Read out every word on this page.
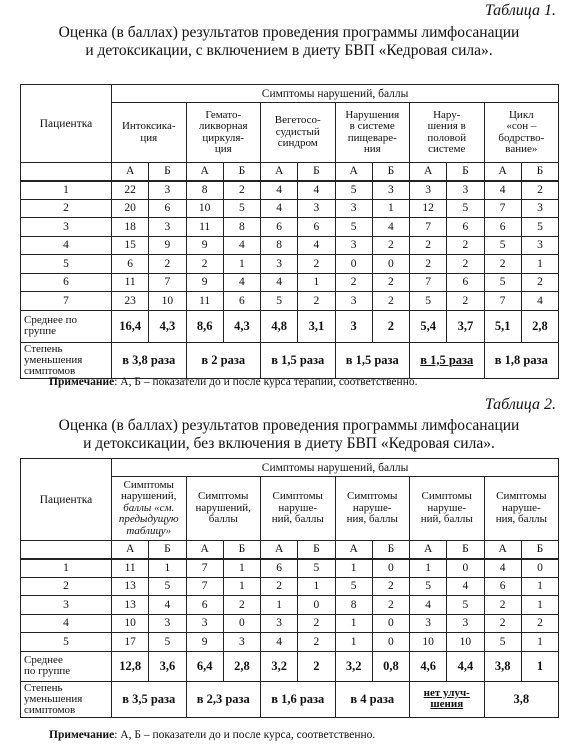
Таблица 1.
Оценка (в баллах) результатов проведения программы лимфосанации
и детоксикации, с включением в диету БВП «Кедровая сила».
Пациентка	Симптомы нарушений, баллы											
	Интоксика-
ция		Гемато-
ликворная
циркуля-
ция		Вегетосо-
судистый
синдром		Нарушения
в системе
пищеваре-
ния		Нару-
шения в
половой
системе		Цикл
«сон –
бодрство-
вание»	
	А	Б	А	Б	А	Б	А	Б	А	Б	А	Б
1	22	3	8	2	4	4	5	3	3	3	4	2
2	20	6	10	5	4	3	3	1	12	5	7	3
3	18	3	11	8	6	6	5	4	7	6	6	5
4	15	9	9	4	8	4	3	2	2	2	5	3
5	6	2	2	1	3	2	0	0	2	2	2	1
6	11	7	9	4	4	1	2	2	7	6	5	2
7	23	10	11	6	5	2	3	2	5	2	7	4
Среднее по
группе	16,4	4,3	8,6	4,3	4,8	3,1	3	2	5,4	3,7	5,1	2,8
Степень
уменьшения
симптомов	в 3,8 раза		в 2 раза		в 1,5 раза		в 1,5 раза		в 1,5 раза		в 1,8 раза	
Примечание: А, Б – показатели до и после курса терапии, соответственно.
Таблица 2.
Оценка (в баллах) результатов проведения программы лимфосанации
и детоксикации, без включения в диету БВП «Кедровая сила».
Пациентка	Симптомы нарушений, баллы											
	Симптомы
нарушений,
баллы «см.
предыдущую
таблицу»		Симптомы
нарушений,
баллы		Симптомы
нарушe-
ний, баллы		Симптомы
наруше-
ния, баллы		Симптомы
нарушe-
ний, баллы		Симптомы
наруше-
ния, баллы	
	А	Б	А	Б	А	Б	А	Б	А	Б	А	Б
1	11	1	7	1	6	5	1	0	1	0	4	0
2	13	5	7	1	2	1	5	2	5	4	6	1
3	13	4	6	2	1	0	8	2	4	5	2	1
4	10	3	3	0	3	2	1	0	3	3	2	2
5	17	5	9	3	4	2	1	0	10	10	5	1
Среднее
по группе	12,8	3,6	6,4	2,8	3,2	2	3,2	0,8	4,6	4,4	3,8	1
Степень
уменьшения
симптомов	в 3,5 раза		в 2,3 раза		в 1,6 раза		в 4 раза		нет улуч-
шения		3,8	
Примечание: А, Б – показатели до и после курса, соответственно.
